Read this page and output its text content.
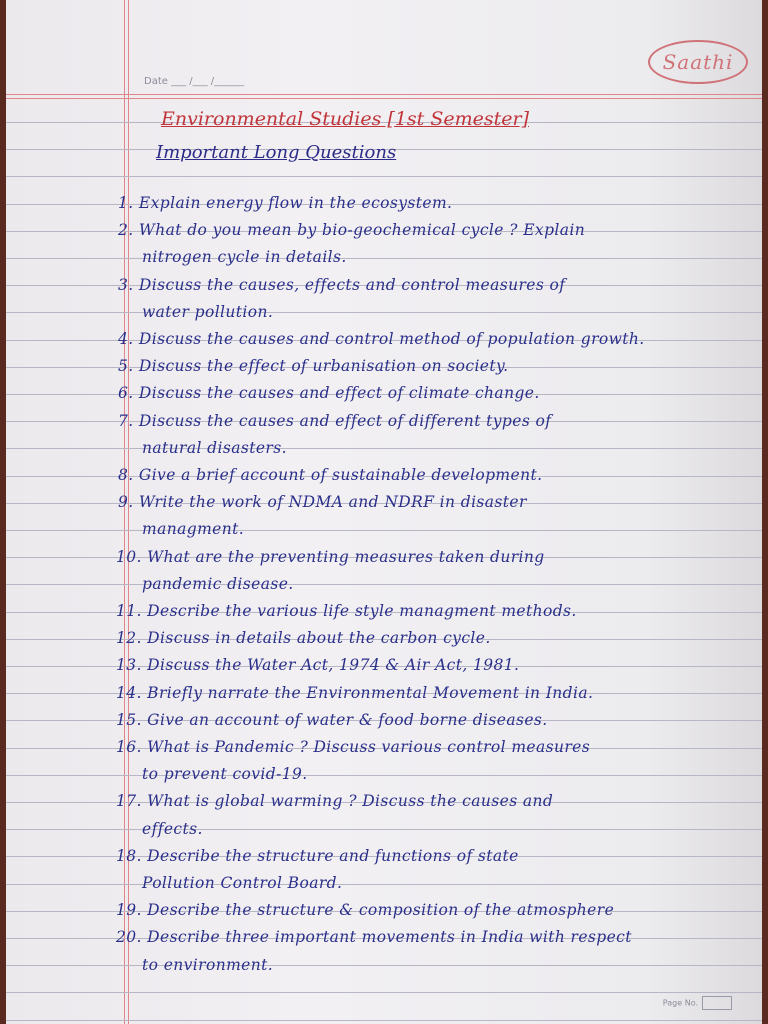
Saathi
Date ___ /___ /______
Environmental Studies [1st Semester]
Important Long Questions
1. Explain energy flow in the ecosystem.
2. What do you mean by bio-geochemical cycle ? Explain
nitrogen cycle in details.
3. Discuss the causes, effects and control measures of
water pollution.
4. Discuss the causes and control method of population growth.
5. Discuss the effect of urbanisation on society.
6. Discuss the causes and effect of climate change.
7. Discuss the causes and effect of different types of
natural disasters.
8. Give a brief account of sustainable development.
9. Write the work of NDMA and NDRF in disaster
managment.
10. What are the preventing measures taken during
pandemic disease.
11. Describe the various life style managment methods.
12. Discuss in details about the carbon cycle.
13. Discuss the Water Act, 1974 & Air Act, 1981.
14. Briefly narrate the Environmental Movement in India.
15. Give an account of water & food borne diseases.
16. What is Pandemic ? Discuss various control measures
to prevent covid-19.
17. What is global warming ? Discuss the causes and
effects.
18. Describe the structure and functions of state
Pollution Control Board.
19. Describe the structure & composition of the atmosphere
20. Describe three important movements in India with respect
to environment.
Page No.
